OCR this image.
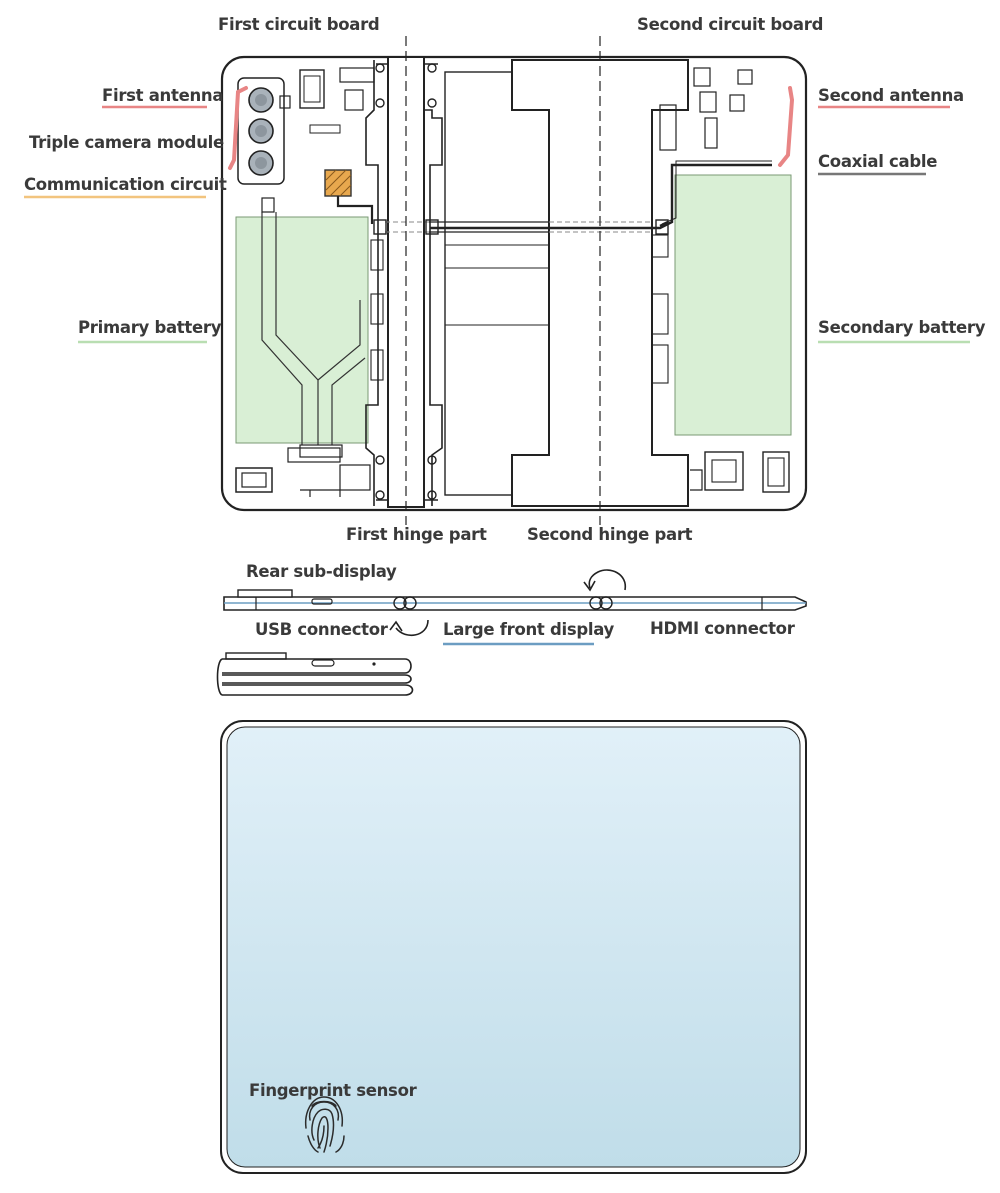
First circuit board	Second circuit board
First antenna	Second antenna
Triple camera module
Coaxial cable
Communication circuit
Primary battery	Secondary battery
First hinge part Second hinge part
Rear sub-display
USB connector	Large front display HDMI connector
Fingerprint sensor
